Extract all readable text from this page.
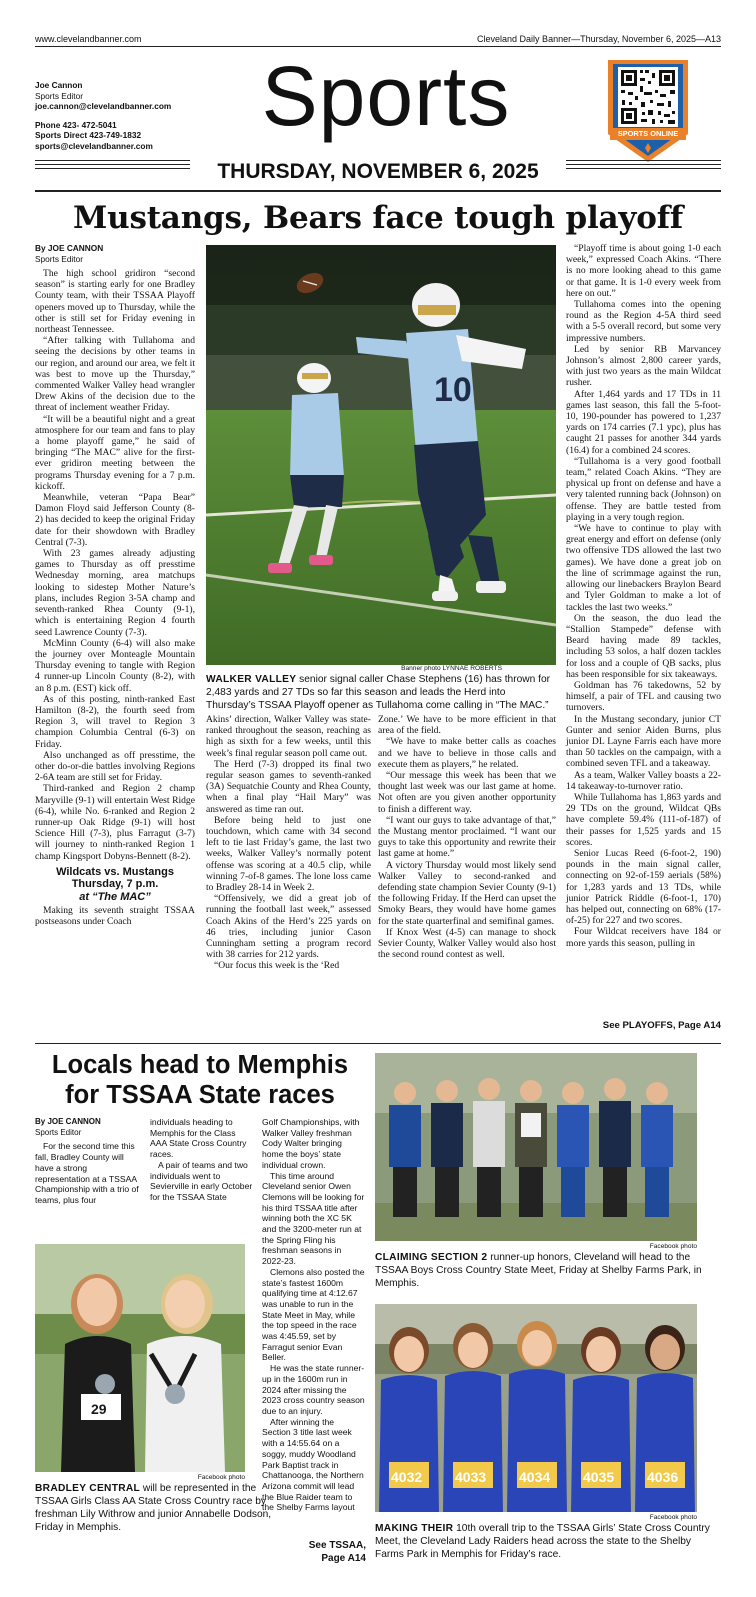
www.clevelandbanner.com	Cleveland Daily Banner—Thursday, November 6, 2025—A13
Joe Cannon
Sports Editor
joe.cannon@clevelandbanner.com
Phone 423- 472-5041
Sports Direct 423-749-1832
sports@clevelandbanner.com
Sports	SPORTS ONLINE
THURSDAY, NOVEMBER 6, 2025
Mustangs, Bears face tough playoff
By JOE CANNON
Sports Editor

The high school gridiron “second season” is starting early for one Bradley County team, with their TSSAA Playoff openers moved up to Thursday, while the other is still set for Friday evening in northeast Tennessee.

“After talking with Tullahoma and seeing the decisions by other teams in our region, and around our area, we felt it was best to move up the Thursday,” commented Walker Valley head wrangler Drew Akins of the decision due to the threat of inclement weather Friday.

“It will be a beautiful night and a great atmosphere for our team and fans to play a home playoff game,” he said of bringing “The MAC” alive for the first-ever gridiron meeting between the programs Thursday evening for a 7 p.m. kickoff.

Meanwhile, veteran “Papa Bear” Damon Floyd said Jefferson County (8-2) has decided to keep the original Friday date for their showdown with Bradley Central (7-3).

With 23 games already adjusting games to Thursday as off presstime Wednesday morning, area matchups looking to sidestep Mother Nature’s plans, includes Region 3-5A champ and seventh-ranked Rhea County (9-1), which is entertaining Region 4 fourth seed Lawrence County (7-3).

McMinn County (6-4) will also make the journey over Monteagle Mountain Thursday evening to tangle with Region 4 runner-up Lincoln County (8-2), with an 8 p.m. (EST) kick off.

As of this posting, ninth-ranked East Hamilton (8-2), the fourth seed from Region 3, will travel to Region 3 champion Columbia Central (6-3) on Friday.

Also unchanged as off presstime, the other do-or-die battles involving Regions 2-6A team are still set for Friday.

Third-ranked and Region 2 champ Maryville (9-1) will entertain West Ridge (6-4), while No. 6-ranked and Region 2 runner-up Oak Ridge (9-1) will host Science Hill (7-3), plus Farragut (3-7) will journey to ninth-ranked Region 1 champ Kingsport Dobyns-Bennett (8-2).

Wildcats vs. Mustangs
Thursday, 7 p.m.
at “The MAC”

Making its seventh straight TSSAA postseasons under Coach

10
Banner photo LYNNAE ROBERTS
WALKER VALLEY senior signal caller Chase Stephens (16) has thrown for 2,483 yards and 27 TDs so far this season and leads the Herd into Thursday’s TSSAA Playoff opener as Tullahoma come calling in “The MAC.”

Akins’ direction, Walker Valley was state-ranked throughout the season, reaching as high as sixth for a few weeks, until this week’s final regular season poll came out.

The Herd (7-3) dropped its final two regular season games to seventh-ranked (3A) Sequatchie County and Rhea County, when a final play “Hail Mary” was answered as time ran out.

Before being held to just one touchdown, which came with 34 second left to tie last Friday’s game, the last two weeks, Walker Valley’s normally potent offense was scoring at a 40.5 clip, while winning 7-of-8 games. The lone loss came to Bradley 28-14 in Week 2.

“Offensively, we did a great job of running the football last week,” assessed Coach Akins of the Herd’s 225 yards on 46 tries, including junior Cason Cunningham setting a program record with 38 carries for 212 yards.

“Our focus this week is the ‘Red

Zone.’ We have to be more efficient in that area of the field.

“We have to make better calls as coaches and we have to believe in those calls and execute them as players,” he related.

“Our message this week has been that we thought last week was our last game at home. Not often are you given another opportunity to finish a different way.

“I want our guys to take advantage of that,” the Mustang mentor proclaimed. “I want our guys to take this opportunity and rewrite their last game at home.”

A victory Thursday would most likely send Walker Valley to second-ranked and defending state champion Sevier County (9-1) the following Friday. If the Herd can upset the Smoky Bears, they would have home games for the state quarterfinal and semifinal games.

If Knox West (4-5) can manage to shock Sevier County, Walker Valley would also host the second round contest as well.

“Playoff time is about going 1-0 each week,” expressed Coach Akins. “There is no more looking ahead to this game or that game. It is 1-0 every week from here on out.”

Tullahoma comes into the opening round as the Region 4-5A third seed with a 5-5 overall record, but some very impressive numbers.

Led by senior RB Marvancey Johnson’s almost 2,800 career yards, with just two years as the main Wildcat rusher.

After 1,464 yards and 17 TDs in 11 games last season, this fall the 5-foot-10, 190-pounder has powered to 1,237 yards on 174 carries (7.1 ypc), plus has caught 21 passes for another 344 yards (16.4) for a combined 24 scores.

“Tullahoma is a very good football team,” related Coach Akins. “They are physical up front on defense and have a very talented running back (Johnson) on offense. They are battle tested from playing in a very tough region.

“We have to continue to play with great energy and effort on defense (only two offensive TDS allowed the last two games). We have done a great job on the line of scrimmage against the run, allowing our linebackers Braylon Beard and Tyler Goldman to make a lot of tackles the last two weeks.”

On the season, the duo lead the “Stallion Stampede” defense with Beard having made 89 tackles, including 53 solos, a half dozen tackles for loss and a couple of QB sacks, plus has been responsible for six takeaways.

Goldman has 76 takedowns, 52 by himself, a pair of TFL and causing two turnovers.

In the Mustang secondary, junior CT Gunter and senior Aiden Burns, plus junior DL Layne Farris each have more than 50 tackles on the campaign, with a combined seven TFL and a takeaway.

As a team, Walker Valley boasts a 22-14 takeaway-to-turnover ratio.

While Tullahoma has 1,863 yards and 29 TDs on the ground, Wildcat QBs have complete 59.4% (111-of-187) of their passes for 1,525 yards and 15 scores.

Senior Lucas Reed (6-foot-2, 190) pounds in the main signal caller, connecting on 92-of-159 aerials (58%) for 1,283 yards and 13 TDs, while junior Patrick Riddle (6-foot-1, 170) has helped out, connecting on 68% (17-of-25) for 227 and two scores.

Four Wildcat receivers have 184 or more yards this season, pulling in

See PLAYOFFS, Page A14
Locals head to Memphis
for TSSAA State races
By JOE CANNON
Sports Editor

For the second time this fall, Bradley County will have a strong representation at a TSSAA Championship with a trio of teams, plus four

individuals heading to Memphis for the Class AAA State Cross Country races.

A pair of teams and two individuals went to Sevierville in early October for the TSSAA State

Golf Championships, with Walker Valley freshman Cody Walter bringing home the boys’ state individual crown.

This time around Cleveland senior Owen Clemons will be looking for his third TSSAA title after winning both the XC 5K and the 3200-meter run at the Spring Fling his freshman seasons in 2022-23.

Clemons also posted the state’s fastest 1600m qualifying time at 4:12.67 was unable to run in the State Meet in May, while the top speed in the race was 4:45.59, set by Farragut senior Evan Beller.

He was the state runner-up in the 1600m run in 2024 after missing the 2023 cross country season due to an injury.

After winning the Section 3 title last week with a 14:55.64 on a soggy, muddy Woodland Park Baptist track in Chattanooga, the Northern Arizona commit will lead the Blue Raider team to the Shelby Farms layout

29
Facebook photo
BRADLEY CENTRAL will be represented in the TSSAA Girls Class AA State Cross Country race by freshman Lily Withrow and junior Annabelle Dodson, Friday in Memphis.
See TSSAA,
Page A14
Facebook photo
CLAIMING SECTION 2 runner-up honors, Cleveland will head to the TSSAA Boys Cross Country State Meet, Friday at Shelby Farms Park, in Memphis.
4032 4033 4034 4035 4036
Facebook photo
MAKING THEIR 10th overall trip to the TSSAA Girls’ State Cross Country Meet, the Cleveland Lady Raiders head across the state to the Shelby Farms Park in Memphis for Friday’s race.
